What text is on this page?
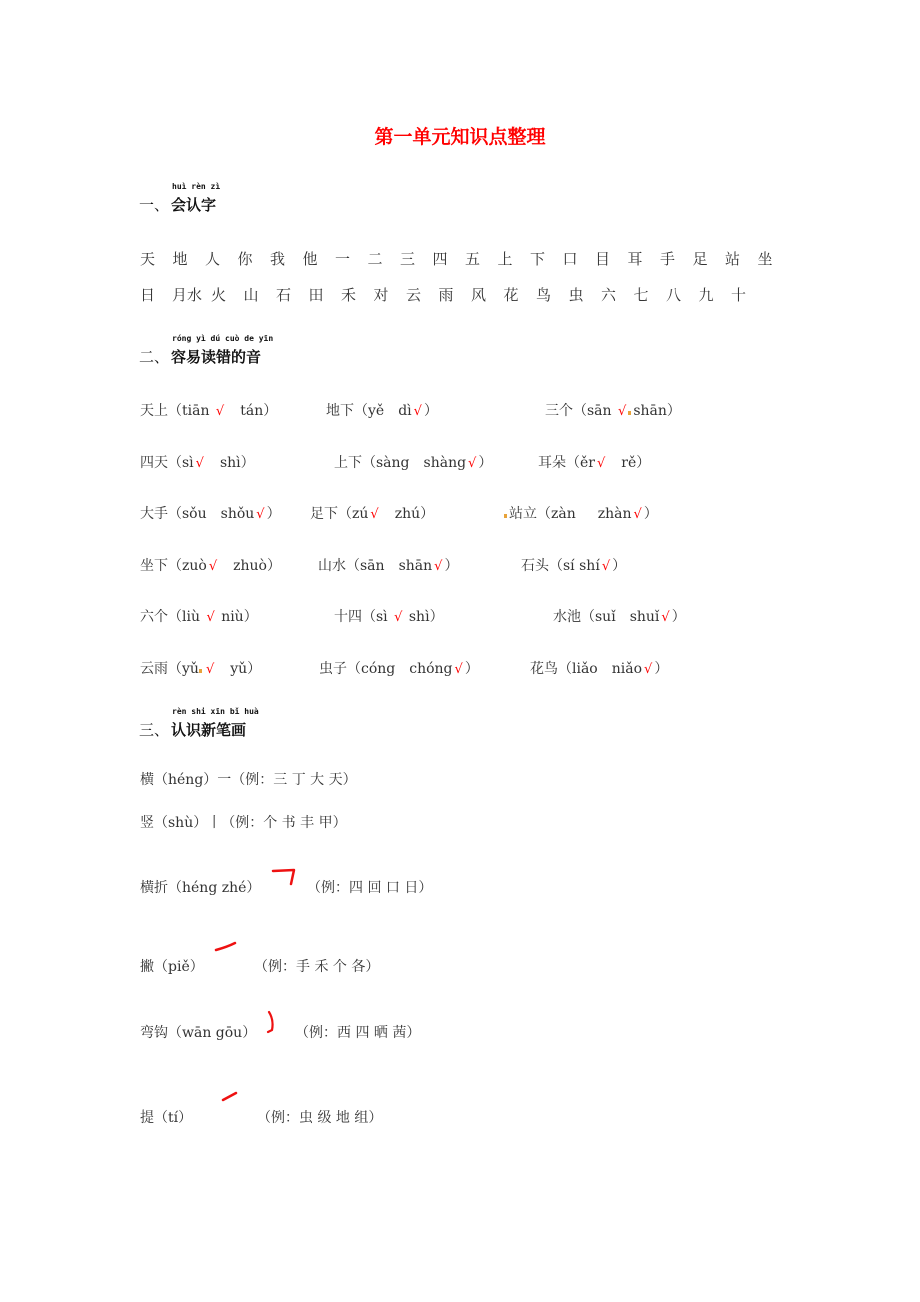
第一单元知识点整理
一、
huì rèn zì
会认字
天	地	人	你	我	他	一	二	三	四	五	上	下	口	目	耳	手	足	站	坐
日	月水 火	山	石	田	禾	对	云	雨	风	花	鸟	虫	六	七	八	九	十
二、
róng yì dú cuò de yīn
容易读错的音
天上（tiān √ tán）	地下（yě dì √ ）	三个（sān √ shān）
四天（sì √ shì）	上下（sàng shàng √ ）	耳朵（ěr √ rě）
大手（sǒu shǒu √ ） 足下（zú √ zhú）	站立（zàn zhàn √ ）
坐下（zuò √ zhuò）	山水（sān shān √ ）	石头（sí shí √ ）
六个（liù √ niù）	十四（sì √ shì）	水池（suǐ shuǐ √ ）
云雨（yǔ √ yǔ）	虫子（cóng chóng √ ）	花鸟（liǎo niǎo √ ）
三、
rèn shi xīn bǐ huà
认识新笔画
横（héng）一（例：三 丁 大 天）
竖（shù）丨（例：个 书 丰 甲）
横折（héng zhé）	（例：四 回 口 日）
撇（piě）	（例：手 禾 个 各）
弯钩（wān gōu）	（例：西 四 晒 茜）
提（tí）	（例：虫 级 地 组）
